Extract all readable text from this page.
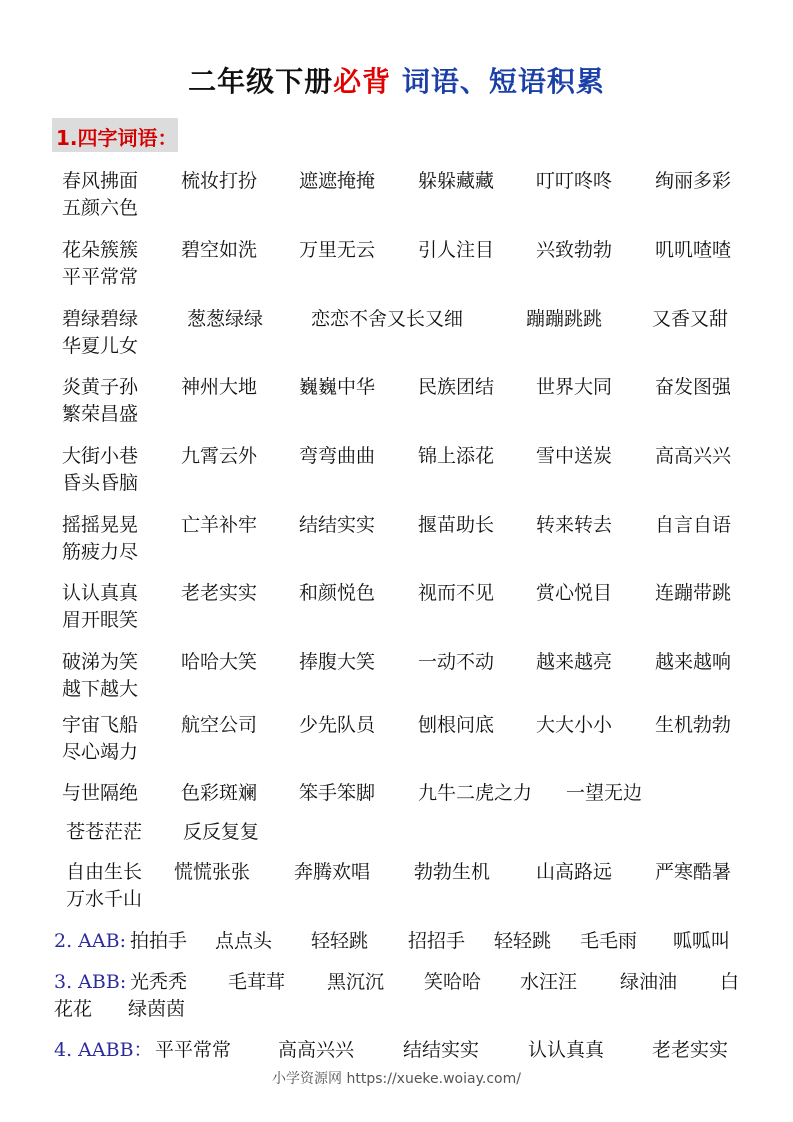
二年级下册必背 词语、短语积累
1.四字词语：
春风拂面 梳妆打扮 遮遮掩掩 躲躲藏藏 叮叮咚咚 绚丽多彩
五颜六色
花朵簇簇 碧空如洗 万里无云 引人注目 兴致勃勃 叽叽喳喳
平平常常
碧绿碧绿	葱葱绿绿	恋恋不舍又长又细	蹦蹦跳跳	又香又甜
华夏儿女
炎黄子孙 神州大地 巍巍中华 民族团结 世界大同 奋发图强
繁荣昌盛
大街小巷 九霄云外 弯弯曲曲 锦上添花 雪中送炭 高高兴兴
昏头昏脑
摇摇晃晃 亡羊补牢 结结实实 揠苗助长 转来转去 自言自语
筋疲力尽
认认真真 老老实实 和颜悦色 视而不见 赏心悦目 连蹦带跳
眉开眼笑
破涕为笑 哈哈大笑 捧腹大笑 一动不动 越来越亮 越来越响
越下越大
宇宙飞船 航空公司 少先队员 刨根问底 大大小小 生机勃勃
尽心竭力
与世隔绝 色彩斑斓 笨手笨脚 九牛二虎之力 一望无边
苍苍茫茫 反反复复
自由生长 慌慌张张 奔腾欢唱 勃勃生机 山高路远 严寒酷暑
万水千山
2. AAB: 拍拍手 点点头 轻轻跳 招招手 轻轻跳 毛毛雨 呱呱叫
3. ABB: 光秃秃 毛茸茸 黑沉沉 笑哈哈 水汪汪 绿油油 白
花花 绿茵茵
4. AABB： 平平常常 高高兴兴	结结实实	认认真真	老老实实
小学资源网 https://xueke.woiay.com/
